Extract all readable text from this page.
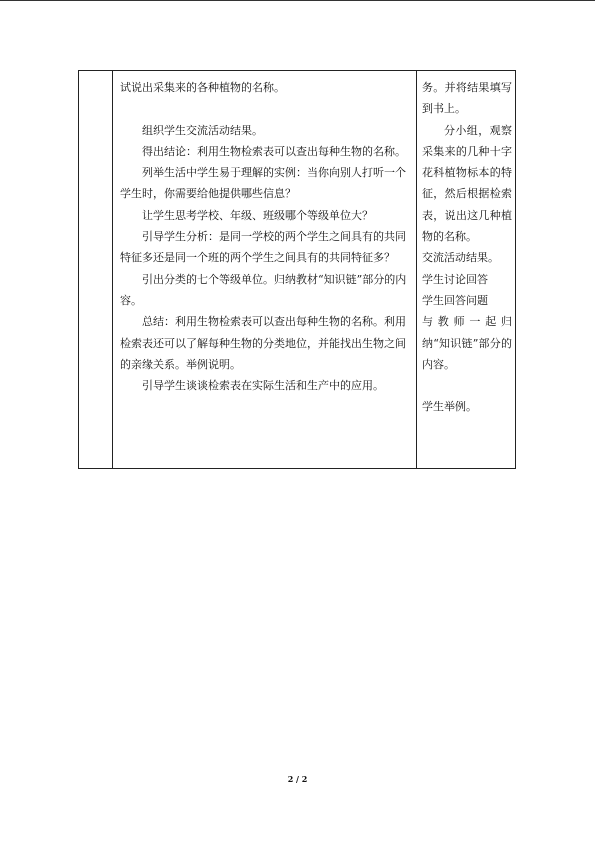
试说出采集来的各种植物的名称。

组织学生交流活动结果。

得出结论：利用生物检索表可以查出每种生物的名称。

列举生活中学生易于理解的实例：当你向别人打听一个学生时，你需要给他提供哪些信息？

让学生思考学校、年级、班级哪个等级单位大？

引导学生分析：是同一学校的两个学生之间具有的共同特征多还是同一个班的两个学生之间具有的共同特征多？

引出分类的七个等级单位。归纳教材“知识链”部分的内容。

总结：利用生物检索表可以查出每种生物的名称。利用检索表还可以了解每种生物的分类地位，并能找出生物之间的亲缘关系。举例说明。

引导学生谈谈检索表在实际生活和生产中的应用。

务。并将结果填写到书上。

分小组，观察采集来的几种十字花科植物标本的特征，然后根据检索表，说出这几种植物的名称。

交流活动结果。

学生讨论回答

学生回答问题

与教师一起归纳“知识链”部分的内容。

学生举例。

2 / 2
